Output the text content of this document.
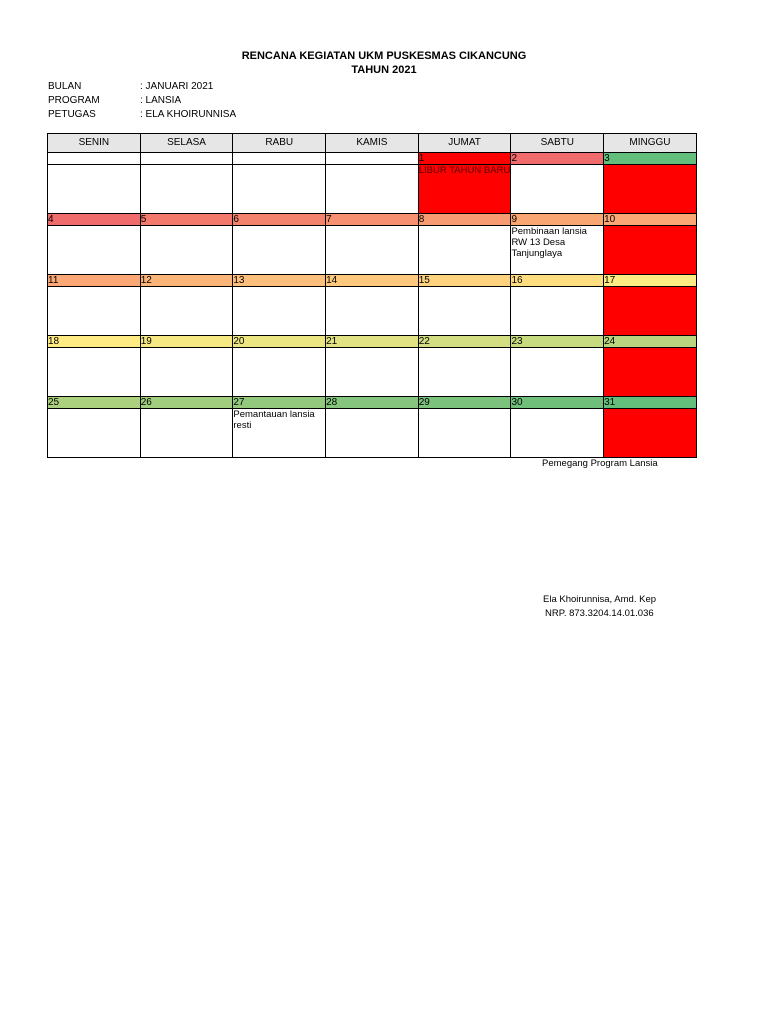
RENCANA KEGIATAN UKM PUSKESMAS CIKANCUNG
TAHUN 2021
BULAN	: JANUARI 2021
PROGRAM	: LANSIA
PETUGAS	: ELA KHOIRUNNISA
SENIN	SELASA	RABU	KAMIS	JUMAT	SABTU	MINGGU
				1	2	3
				LIBUR TAHUN BARU		
4	5	6	7	8	9	10
					Pembinaan lansia RW 13 Desa Tanjunglaya	
11	12	13	14	15	16	17

18	19	20	21	22	23	24

25	26	27	28	29	30	31
		Pemantauan lansia resti				
Pemegang Program Lansia
Ela Khoirunnisa, Amd. Kep
NRP. 873.3204.14.01.036
